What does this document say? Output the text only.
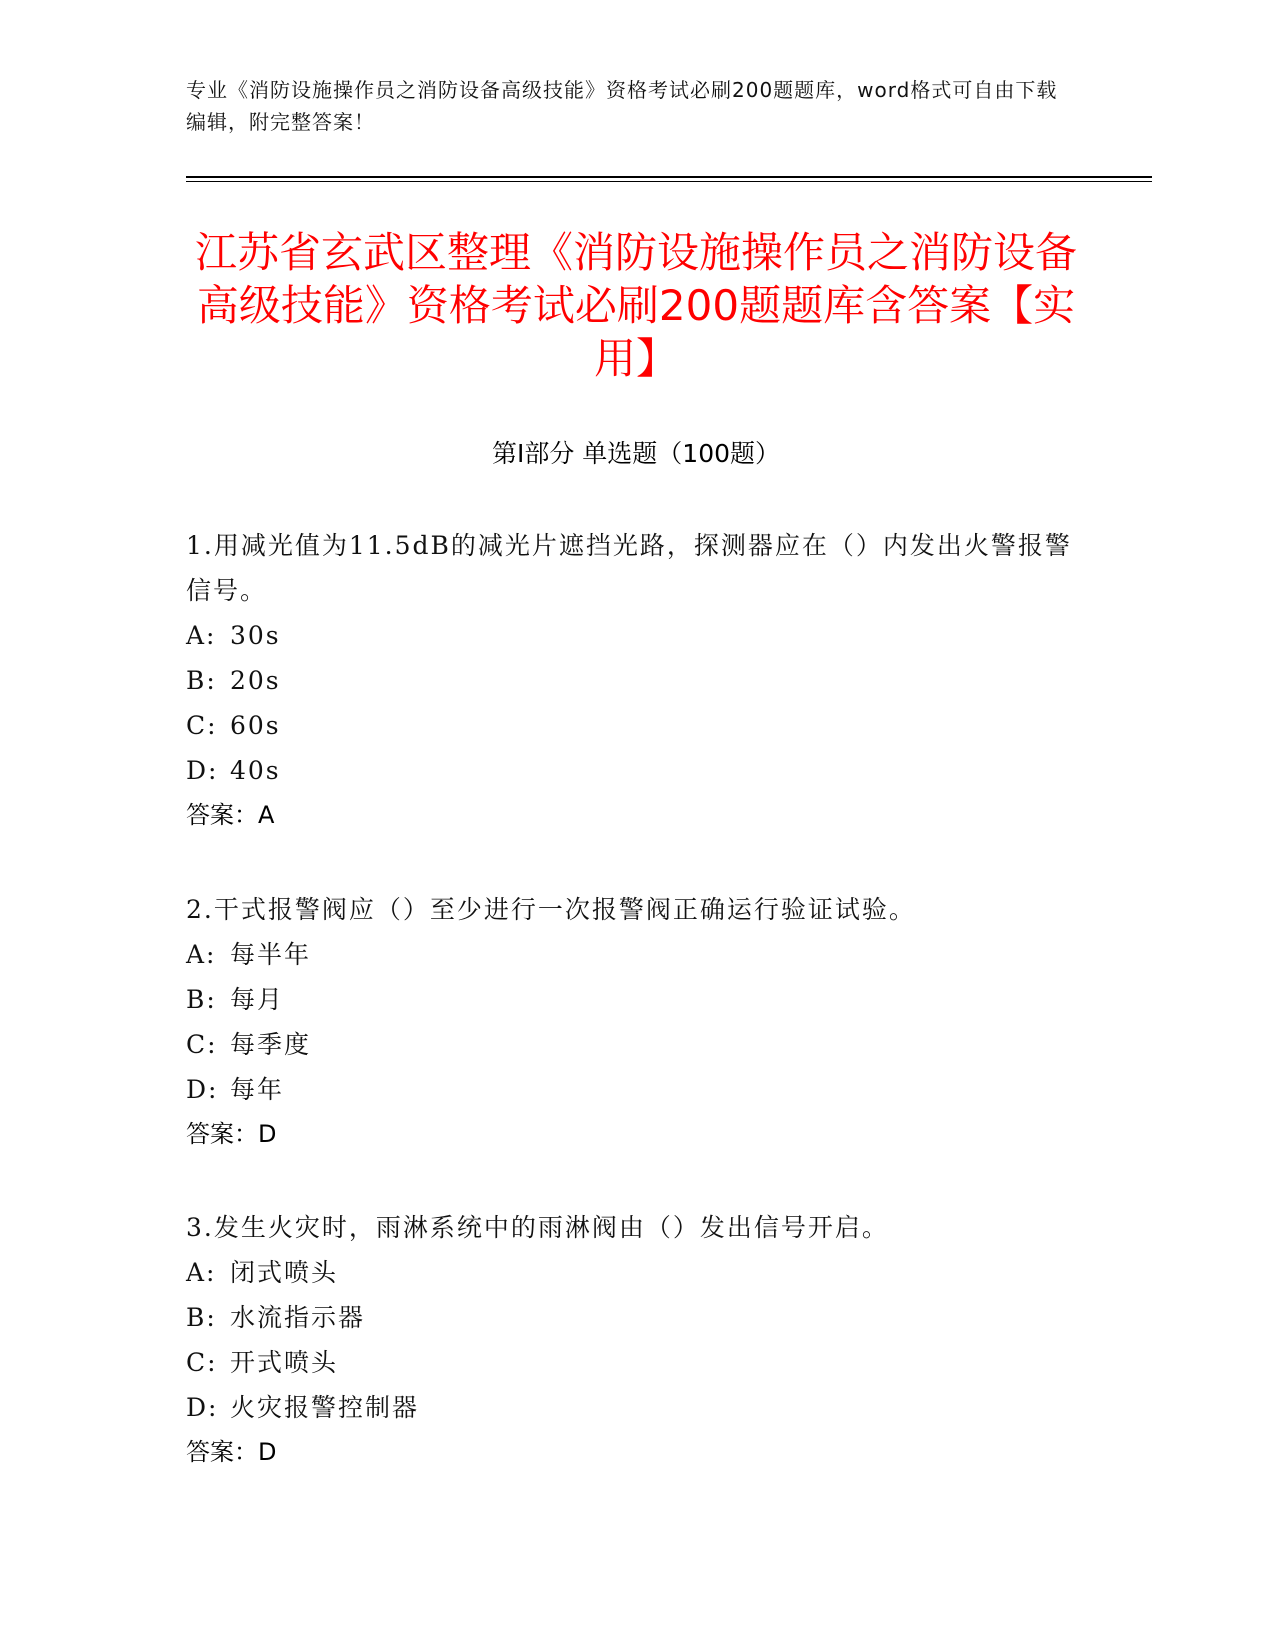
专业《消防设施操作员之消防设备高级技能》资格考试必刷200题题库，word格式可自由下载编辑，附完整答案！
江苏省玄武区整理《消防设施操作员之消防设备高级技能》资格考试必刷200题题库含答案【实用】
第Ⅰ部分 单选题（100题）
1.用减光值为11.5dB的减光片遮挡光路，探测器应在（）内发出火警报警信号。
A: 30s
B: 20s
C: 60s
D: 40s
答案：A
2.干式报警阀应（）至少进行一次报警阀正确运行验证试验。
A: 每半年
B: 每月
C: 每季度
D: 每年
答案：D
3.发生火灾时，雨淋系统中的雨淋阀由（）发出信号开启。
A: 闭式喷头
B: 水流指示器
C: 开式喷头
D: 火灾报警控制器
答案：D
